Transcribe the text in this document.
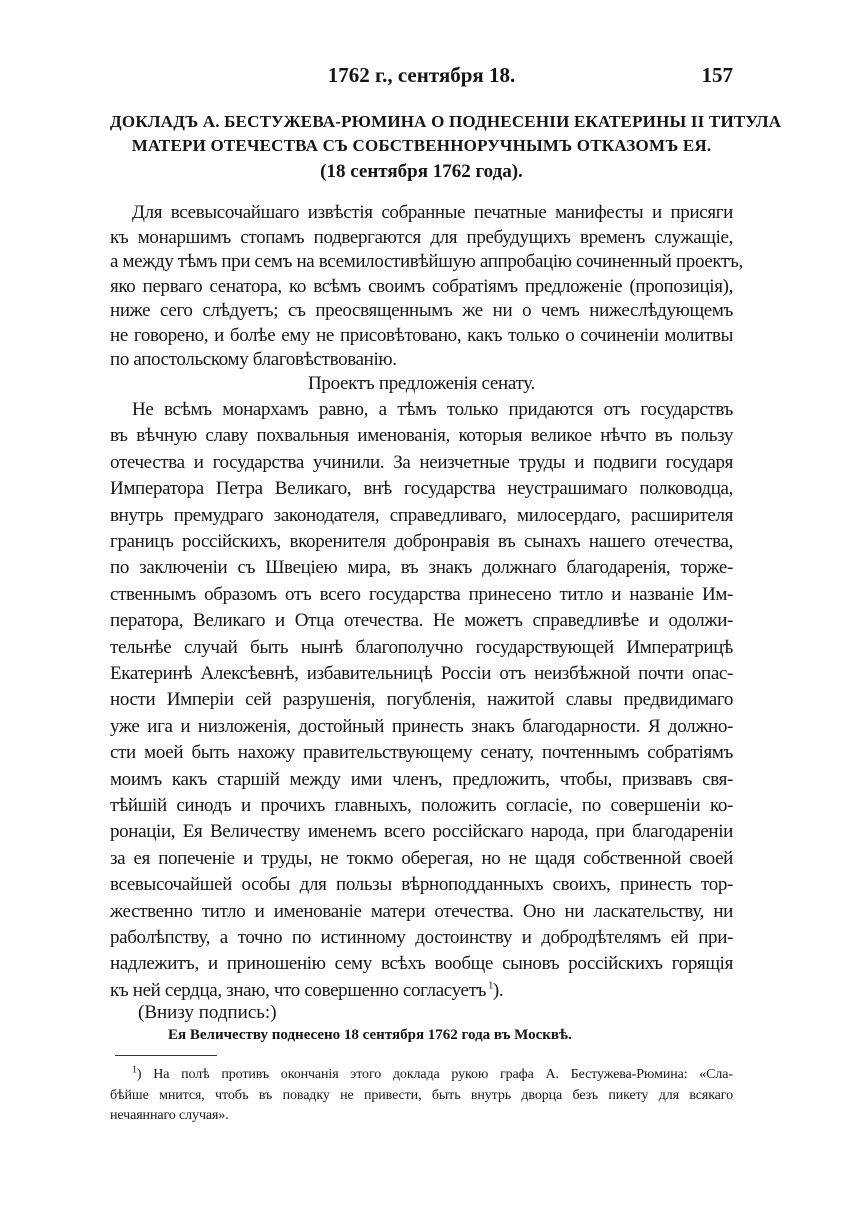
1762 г., сентября 18.	157
ДОКЛАДЪ А. БЕСТУЖЕВА-РЮМИНА О ПОДНЕСЕНІИ ЕКАТЕРИНЫ II ТИТУЛА
МАТЕРИ ОТЕЧЕСТВА СЪ СОБСТВЕННОРУЧНЫМЪ ОТКАЗОМЪ ЕЯ.
(18 сентября 1762 года).
Для всевысочайшаго извѣстія собранные печатные манифесты и присяги
къ монаршимъ стопамъ подвергаются для пребудущихъ временъ служащіе,
а между тѣмъ при семъ на всемилостивѣйшую аппробацію сочиненный проектъ,
яко перваго сенатора, ко всѣмъ своимъ собратіямъ предложеніе (пропозиція),
ниже сего слѣдуетъ; съ преосвященнымъ же ни о чемъ нижеслѣдующемъ
не говорено, и болѣе ему не присовѣтовано, какъ только о сочиненіи молитвы
по апостольскому благовѣствованію.
Проектъ предложенія сенату.
Не всѣмъ монархамъ равно, а тѣмъ только придаются отъ государствъ
въ вѣчную славу похвальныя именованія, которыя великое нѣчто въ пользу
отечества и государства учинили. За неизчетные труды и подвиги государя
Императора Петра Великаго, внѣ государства неустрашимаго полководца,
внутрь премудраго законодателя, справедливаго, милосердаго, расширителя
границъ россійскихъ, вкоренителя добронравія въ сынахъ нашего отечества,
по заключеніи съ Швеціею мира, въ знакъ должнаго благодаренія, торже-
ственнымъ образомъ отъ всего государства принесено титло и названіе Им-
ператора, Великаго и Отца отечества. Не можетъ справедливѣе и одолжи-
тельнѣе случай быть нынѣ благополучно государствующей Императрицѣ
Екатеринѣ Алексѣевнѣ, избавительницѣ Россіи отъ неизбѣжной почти опас-
ности Имперіи сей разрушенія, погубленія, нажитой славы предвидимаго
уже ига и низложенія, достойный принесть знакъ благодарности. Я должно-
сти моей быть нахожу правительствующему сенату, почтеннымъ собратіямъ
моимъ какъ старшій между ими членъ, предложить, чтобы, призвавъ свя-
тѣйшій синодъ и прочихъ главныхъ, положить согласіе, по совершеніи ко-
ронаціи, Ея Величеству именемъ всего россійскаго народа, при благодареніи
за ея попеченіе и труды, не токмо оберегая, но не щадя собственной своей
всевысочайшей особы для пользы вѣрноподданныхъ своихъ, принесть тор-
жественно титло и именованіе матери отечества. Оно ни ласкательству, ни
раболѣпству, а точно по истинному достоинству и добродѣтелямъ ей при-
надлежитъ, и приношенію сему всѣхъ вообще сыновъ россійскихъ горящія
къ ней сердца, знаю, что совершенно согласуетъ $^1$).
(Внизу подпись:)
Ея Величеству поднесено 18 сентября 1762 года въ Москвѣ.
$^1$) На полѣ противъ окончанія этого доклада рукою графа А. Бестужева-Рюмина: «Сла-
бѣйше мнится, чтобъ въ повадку не привести, быть внутрь дворца безъ пикету для всякаго
нечаяннаго случая».
